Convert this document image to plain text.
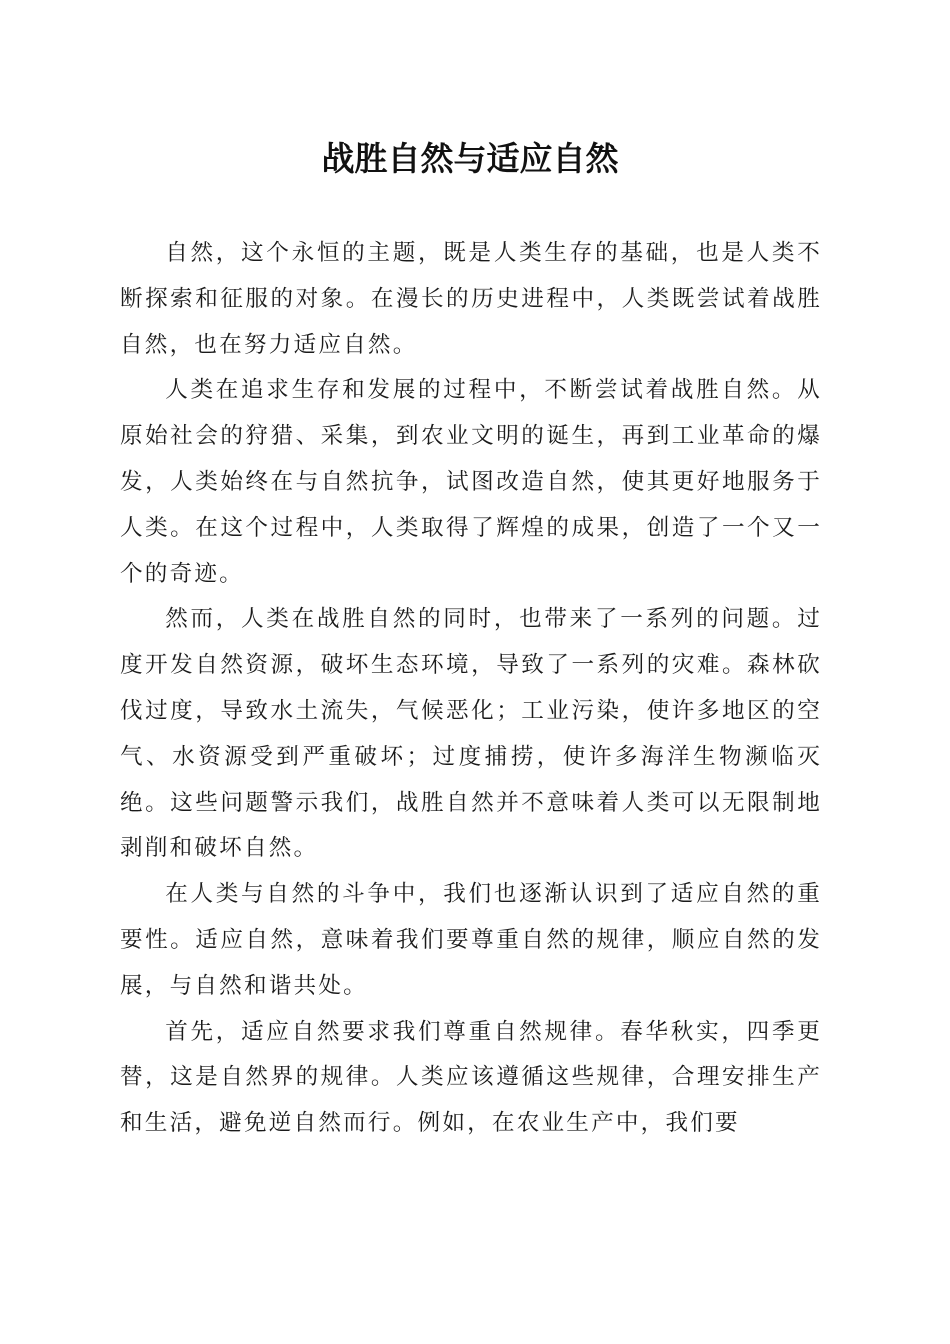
战胜自然与适应自然

自然，这个永恒的主题，既是人类生存的基础，也是人类不断探索和征服的对象。在漫长的历史进程中，人类既尝试着战胜自然，也在努力适应自然。

人类在追求生存和发展的过程中，不断尝试着战胜自然。从原始社会的狩猎、采集，到农业文明的诞生，再到工业革命的爆发，人类始终在与自然抗争，试图改造自然，使其更好地服务于人类。在这个过程中，人类取得了辉煌的成果，创造了一个又一个的奇迹。

然而，人类在战胜自然的同时，也带来了一系列的问题。过度开发自然资源，破坏生态环境，导致了一系列的灾难。森林砍伐过度，导致水土流失，气候恶化；工业污染，使许多地区的空气、水资源受到严重破坏；过度捕捞，使许多海洋生物濒临灭绝。这些问题警示我们，战胜自然并不意味着人类可以无限制地剥削和破坏自然。

在人类与自然的斗争中，我们也逐渐认识到了适应自然的重要性。适应自然，意味着我们要尊重自然的规律，顺应自然的发展，与自然和谐共处。

首先，适应自然要求我们尊重自然规律。春华秋实，四季更替，这是自然界的规律。人类应该遵循这些规律，合理安排生产和生活，避免逆自然而行。例如，在农业生产中，我们要
